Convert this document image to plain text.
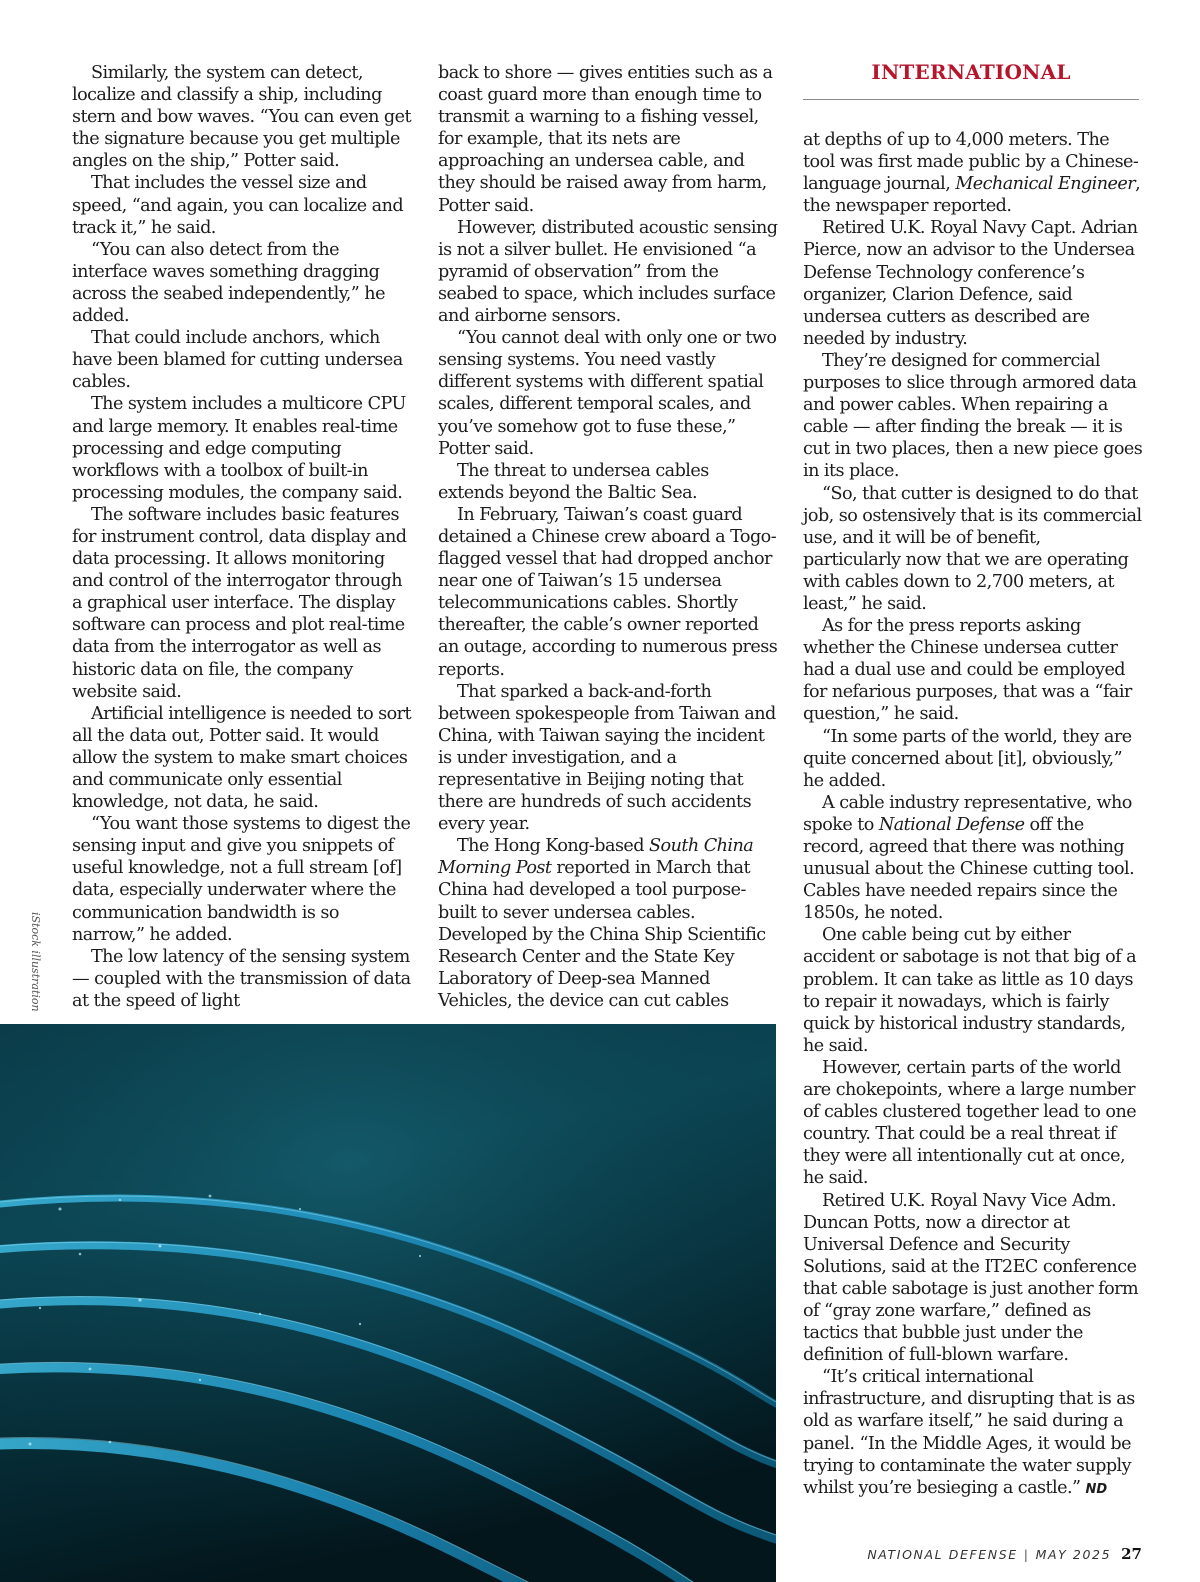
INTERNATIONAL

Similarly, the system can detect, localize and classify a ship, including stern and bow waves. “You can even get the signature because you get multiple angles on the ship,” Potter said.

That includes the vessel size and speed, “and again, you can localize and track it,” he said.

“You can also detect from the interface waves something dragging across the seabed independently,” he added.

That could include anchors, which have been blamed for cutting undersea cables.

The system includes a multicore CPU and large memory. It enables real-time processing and edge computing workflows with a toolbox of built-in processing modules, the company said.

The software includes basic features for instrument control, data display and data processing. It allows monitoring and control of the interrogator through a graphical user interface. The display software can process and plot real-time data from the interrogator as well as historic data on file, the company website said.

Artificial intelligence is needed to sort all the data out, Potter said. It would allow the system to make smart choices and communicate only essential knowledge, not data, he said.

“You want those systems to digest the sensing input and give you snippets of useful knowledge, not a full stream [of] data, especially underwater where the communication bandwidth is so narrow,” he added.

The low latency of the sensing system — coupled with the transmission of data at the speed of light

back to shore — gives entities such as a coast guard more than enough time to transmit a warning to a fishing vessel, for example, that its nets are approaching an undersea cable, and they should be raised away from harm, Potter said.

However, distributed acoustic sensing is not a silver bullet. He envisioned “a pyramid of observation” from the seabed to space, which includes surface and airborne sensors.

“You cannot deal with only one or two sensing systems. You need vastly different systems with different spatial scales, different temporal scales, and you’ve somehow got to fuse these,” Potter said.

The threat to undersea cables extends beyond the Baltic Sea.

In February, Taiwan’s coast guard detained a Chinese crew aboard a Togo-flagged vessel that had dropped anchor near one of Taiwan’s 15 undersea telecommunications cables. Shortly thereafter, the cable’s owner reported an outage, according to numerous press reports.

That sparked a back-and-forth between spokespeople from Taiwan and China, with Taiwan saying the incident is under investigation, and a representative in Beijing noting that there are hundreds of such accidents every year.

The Hong Kong-based South China Morning Post reported in March that China had developed a tool purpose-built to sever undersea cables. Developed by the China Ship Scientific Research Center and the State Key Laboratory of Deep-sea Manned Vehicles, the device can cut cables

at depths of up to 4,000 meters. The tool was first made public by a Chinese-language journal, Mechanical Engineer, the newspaper reported.

Retired U.K. Royal Navy Capt. Adrian Pierce, now an advisor to the Undersea Defense Technology conference’s organizer, Clarion Defence, said undersea cutters as described are needed by industry.

They’re designed for commercial purposes to slice through armored data and power cables. When repairing a cable — after finding the break — it is cut in two places, then a new piece goes in its place.

“So, that cutter is designed to do that job, so ostensively that is its commercial use, and it will be of benefit, particularly now that we are operating with cables down to 2,700 meters, at least,” he said.

As for the press reports asking whether the Chinese undersea cutter had a dual use and could be employed for nefarious purposes, that was a “fair question,” he said.

“In some parts of the world, they are quite concerned about [it], obviously,” he added.

A cable industry representative, who spoke to National Defense off the record, agreed that there was nothing unusual about the Chinese cutting tool. Cables have needed repairs since the 1850s, he noted.

One cable being cut by either accident or sabotage is not that big of a problem. It can take as little as 10 days to repair it nowadays, which is fairly quick by historical industry standards, he said.

However, certain parts of the world are chokepoints, where a large number of cables clustered together lead to one country. That could be a real threat if they were all intentionally cut at once, he said.

Retired U.K. Royal Navy Vice Adm. Duncan Potts, now a director at Universal Defence and Security Solutions, said at the IT2EC conference that cable sabotage is just another form of “gray zone warfare,” defined as tactics that bubble just under the definition of full-blown warfare.

“It’s critical international infrastructure, and disrupting that is as old as warfare itself,” he said during a panel. “In the Middle Ages, it would be trying to contaminate the water supply whilst you’re besieging a castle.” ND

iStock illustration
NATIONAL DEFENSE | MAY 2025 27
